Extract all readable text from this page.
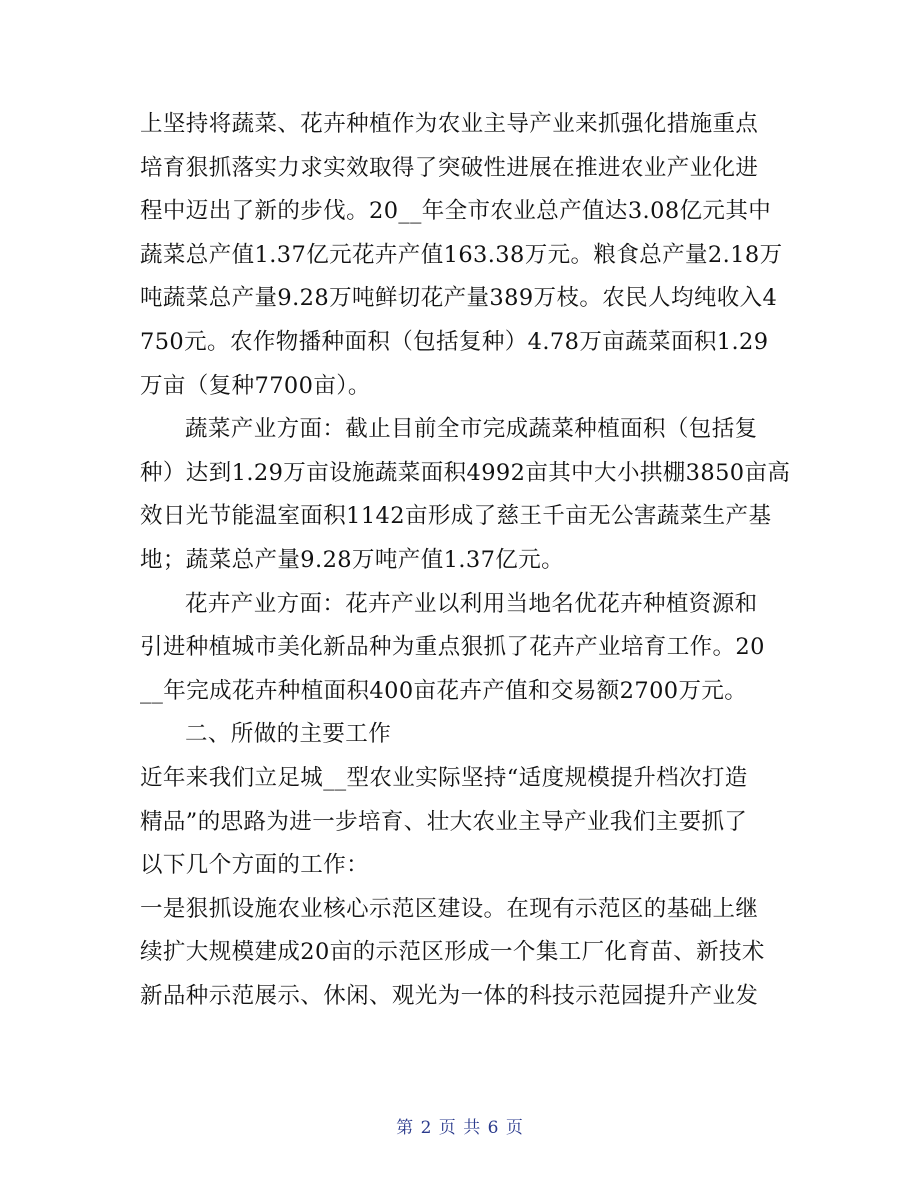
上坚持将蔬菜、花卉种植作为农业主导产业来抓强化措施重点
培育狠抓落实力求实效取得了突破性进展在推进农业产业化进
程中迈出了新的步伐。20__年全市农业总产值达3.08亿元其中
蔬菜总产值1.37亿元花卉产值163.38万元。粮食总产量2.18万
吨蔬菜总产量9.28万吨鲜切花产量389万枝。农民人均纯收入4
750元。农作物播种面积（包括复种）4.78万亩蔬菜面积1.29
万亩（复种7700亩）。
蔬菜产业方面：截止目前全市完成蔬菜种植面积（包括复
种）达到1.29万亩设施蔬菜面积4992亩其中大小拱棚3850亩高
效日光节能温室面积1142亩形成了慈王千亩无公害蔬菜生产基
地；蔬菜总产量9.28万吨产值1.37亿元。
花卉产业方面：花卉产业以利用当地名优花卉种植资源和
引进种植城市美化新品种为重点狠抓了花卉产业培育工作。20
__年完成花卉种植面积400亩花卉产值和交易额2700万元。
二、所做的主要工作
近年来我们立足城__型农业实际坚持“适度规模提升档次打造
精品”的思路为进一步培育、壮大农业主导产业我们主要抓了
以下几个方面的工作：
一是狠抓设施农业核心示范区建设。在现有示范区的基础上继
续扩大规模建成20亩的示范区形成一个集工厂化育苗、新技术
新品种示范展示、休闲、观光为一体的科技示范园提升产业发
第 2 页 共 6 页
